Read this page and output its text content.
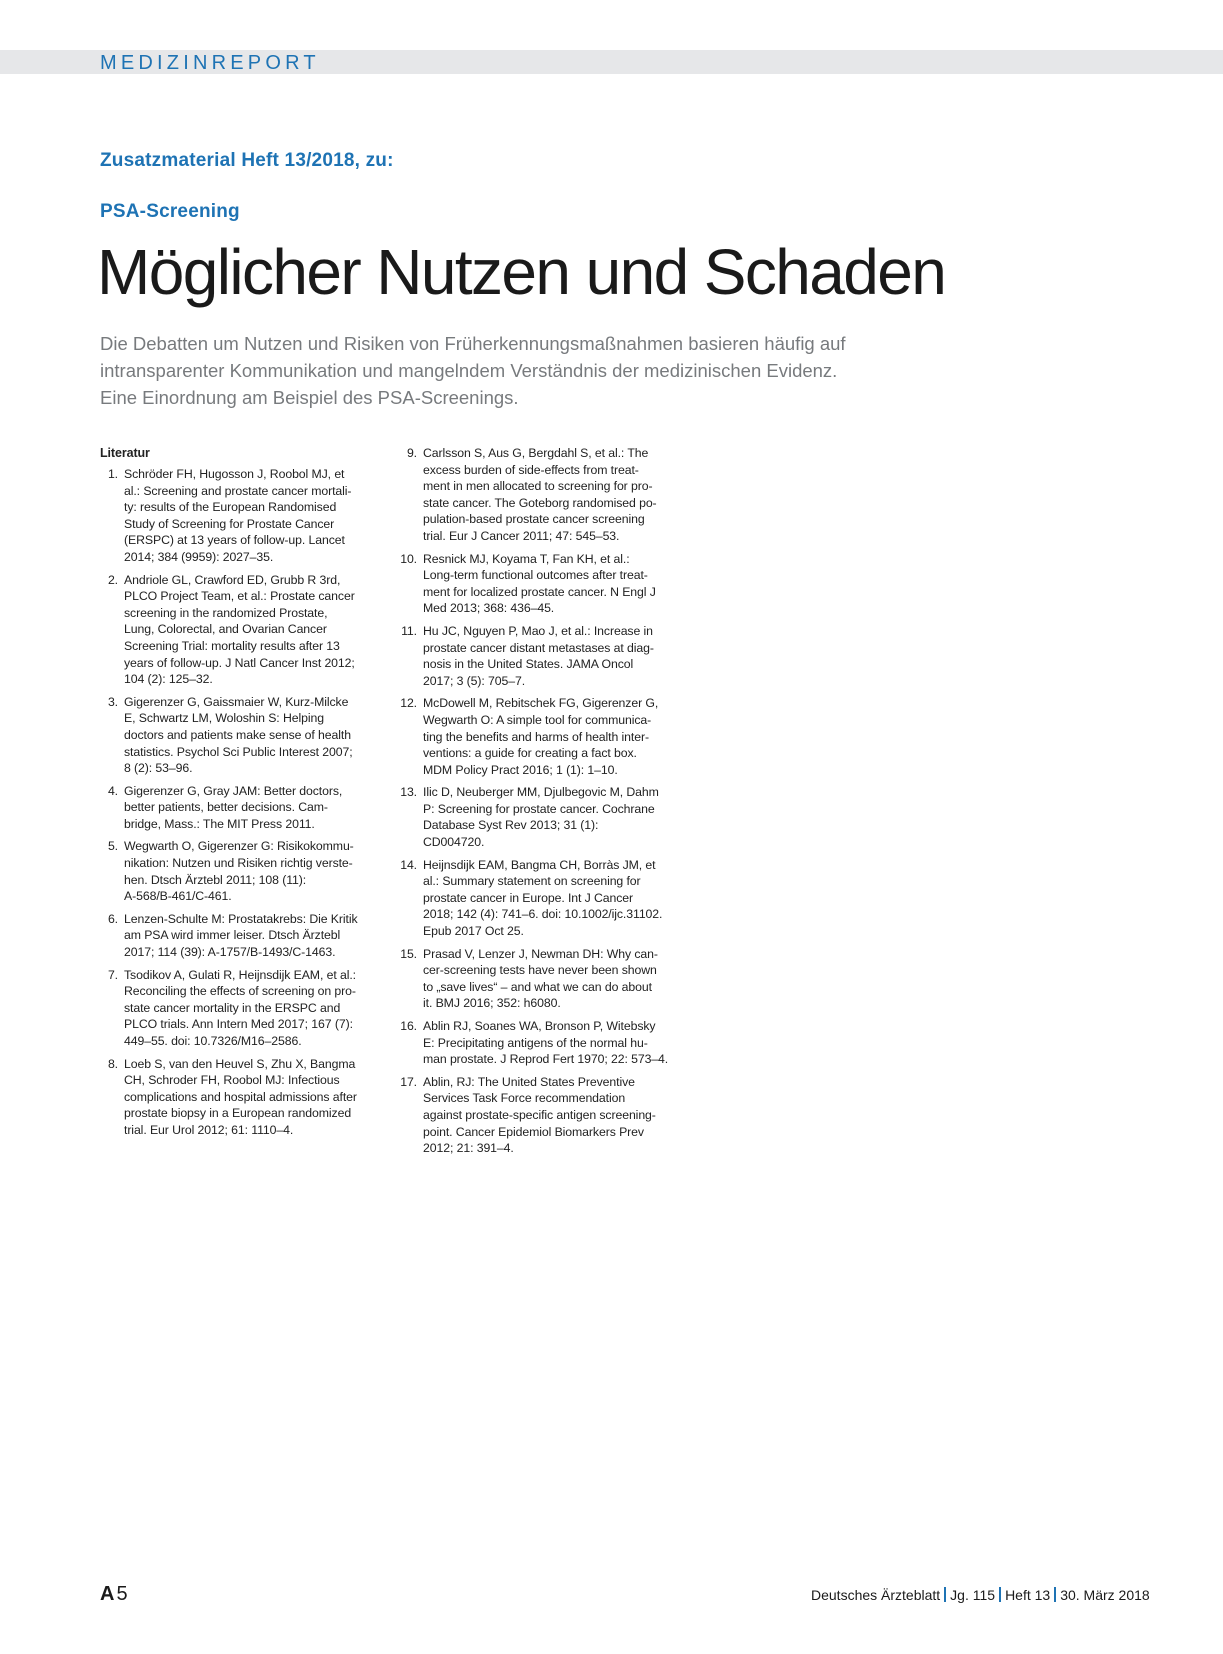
MEDIZINREPORT
Zusatzmaterial Heft 13/2018, zu:
PSA-Screening
Möglicher Nutzen und Schaden
Die Debatten um Nutzen und Risiken von Früherkennungsmaßnahmen basieren häufig auf
intransparenter Kommunikation und mangelndem Verständnis der medizinischen Evidenz.
Eine Einordnung am Beispiel des PSA-Screenings.
Literatur
1. Schröder FH, Hugosson J, Roobol MJ, et
al.: Screening and prostate cancer mortali-
ty: results of the European Randomised
Study of Screening for Prostate Cancer
(ERSPC) at 13 years of follow-up. Lancet
2014; 384 (9959): 2027–35.
2. Andriole GL, Crawford ED, Grubb R 3rd,
PLCO Project Team, et al.: Prostate cancer
screening in the randomized Prostate,
Lung, Colorectal, and Ovarian Cancer
Screening Trial: mortality results after 13
years of follow-up. J Natl Cancer Inst 2012;
104 (2): 125–32.
3. Gigerenzer G, Gaissmaier W, Kurz-Milcke
E, Schwartz LM, Woloshin S: Helping
doctors and patients make sense of health
statistics. Psychol Sci Public Interest 2007;
8 (2): 53–96.
4. Gigerenzer G, Gray JAM: Better doctors,
better patients, better decisions. Cam-
bridge, Mass.: The MIT Press 2011.
5. Wegwarth O, Gigerenzer G: Risikokommu-
nikation: Nutzen und Risiken richtig verste-
hen. Dtsch Ärztebl 2011; 108 (11):
A-568/B-461/C-461.
6. Lenzen-Schulte M: Prostatakrebs: Die Kritik
am PSA wird immer leiser. Dtsch Ärztebl
2017; 114 (39): A-1757/B-1493/C-1463.
7. Tsodikov A, Gulati R, Heijnsdijk EAM, et al.:
Reconciling the effects of screening on pro-
state cancer mortality in the ERSPC and
PLCO trials. Ann Intern Med 2017; 167 (7):
449–55. doi: 10.7326/M16–2586.
8. Loeb S, van den Heuvel S, Zhu X, Bangma
CH, Schroder FH, Roobol MJ: Infectious
complications and hospital admissions after
prostate biopsy in a European randomized
trial. Eur Urol 2012; 61: 1110–4.
9. Carlsson S, Aus G, Bergdahl S, et al.: The
excess burden of side-effects from treat-
ment in men allocated to screening for pro-
state cancer. The Goteborg randomised po-
pulation-based prostate cancer screening
trial. Eur J Cancer 2011; 47: 545–53.
10. Resnick MJ, Koyama T, Fan KH, et al.:
Long-term functional outcomes after treat-
ment for localized prostate cancer. N Engl J
Med 2013; 368: 436–45.
11. Hu JC, Nguyen P, Mao J, et al.: Increase in
prostate cancer distant metastases at diag-
nosis in the United States. JAMA Oncol
2017; 3 (5): 705–7.
12. McDowell M, Rebitschek FG, Gigerenzer G,
Wegwarth O: A simple tool for communica-
ting the benefits and harms of health inter-
ventions: a guide for creating a fact box.
MDM Policy Pract 2016; 1 (1): 1–10.
13. Ilic D, Neuberger MM, Djulbegovic M, Dahm
P: Screening for prostate cancer. Cochrane
Database Syst Rev 2013; 31 (1):
CD004720.
14. Heijnsdijk EAM, Bangma CH, Borràs JM, et
al.: Summary statement on screening for
prostate cancer in Europe. Int J Cancer
2018; 142 (4): 741–6. doi: 10.1002/ijc.31102.
Epub 2017 Oct 25.
15. Prasad V, Lenzer J, Newman DH: Why can-
cer-screening tests have never been shown
to „save lives“ – and what we can do about
it. BMJ 2016; 352: h6080.
16. Ablin RJ, Soanes WA, Bronson P, Witebsky
E: Precipitating antigens of the normal hu-
man prostate. J Reprod Fert 1970; 22: 573–4.
17. Ablin, RJ: The United States Preventive
Services Task Force recommendation
against prostate-specific antigen screening-
point. Cancer Epidemiol Biomarkers Prev
2012; 21: 391–4.
A 5	Deutsches Ärzteblatt Jg. 115 Heft 13 30. März 2018
